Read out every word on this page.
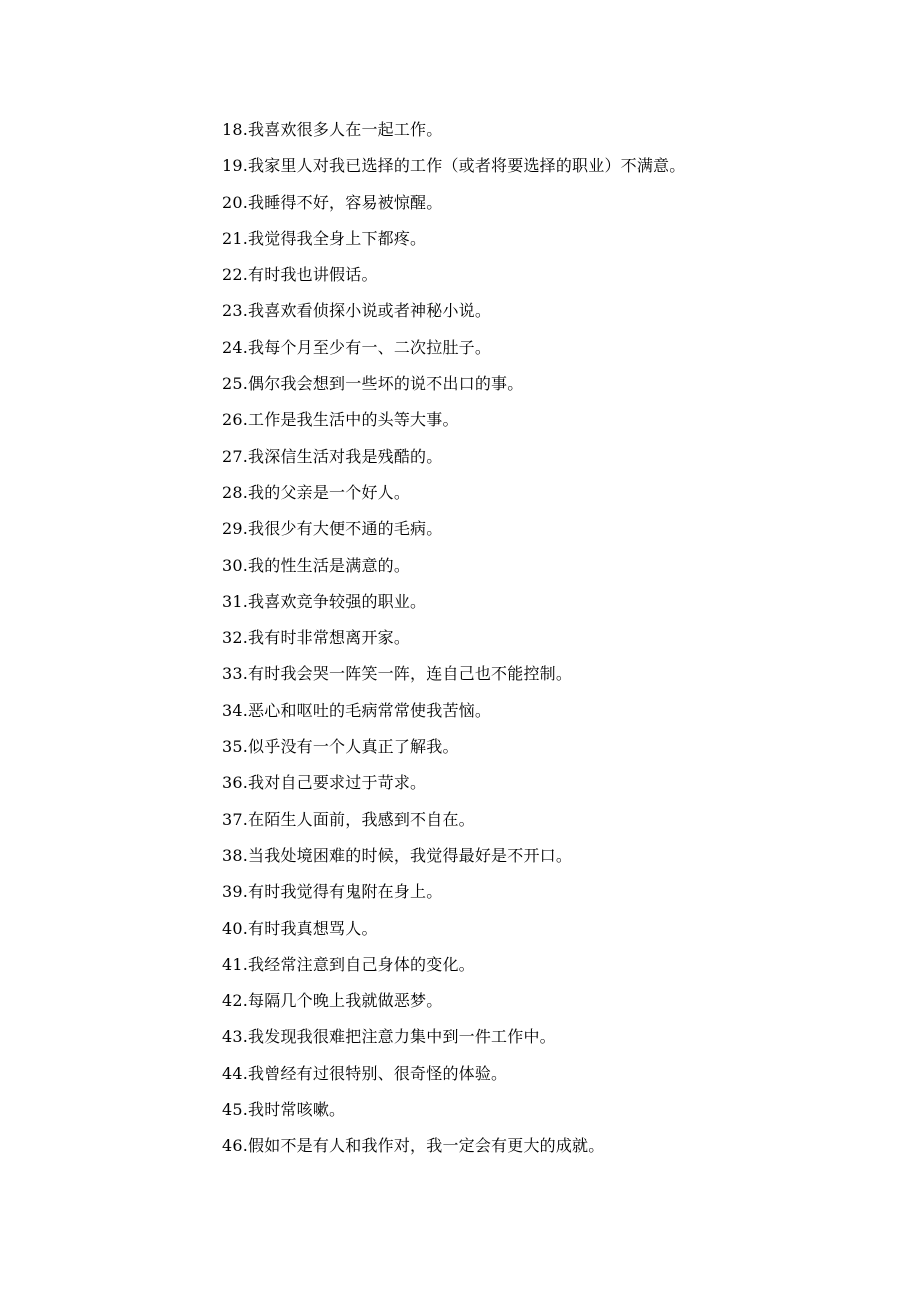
18.我喜欢很多人在一起工作。
19.我家里人对我已选择的工作（或者将要选择的职业）不满意。
20.我睡得不好，容易被惊醒。
21.我觉得我全身上下都疼。
22.有时我也讲假话。
23.我喜欢看侦探小说或者神秘小说。
24.我每个月至少有一、二次拉肚子。
25.偶尔我会想到一些坏的说不出口的事。
26.工作是我生活中的头等大事。
27.我深信生活对我是残酷的。
28.我的父亲是一个好人。
29.我很少有大便不通的毛病。
30.我的性生活是满意的。
31.我喜欢竞争较强的职业。
32.我有时非常想离开家。
33.有时我会哭一阵笑一阵，连自己也不能控制。
34.恶心和呕吐的毛病常常使我苦恼。
35.似乎没有一个人真正了解我。
36.我对自己要求过于苛求。
37.在陌生人面前，我感到不自在。
38.当我处境困难的时候，我觉得最好是不开口。
39.有时我觉得有鬼附在身上。
40.有时我真想骂人。
41.我经常注意到自己身体的变化。
42.每隔几个晚上我就做恶梦。
43.我发现我很难把注意力集中到一件工作中。
44.我曾经有过很特别、很奇怪的体验。
45.我时常咳嗽。
46.假如不是有人和我作对，我一定会有更大的成就。
